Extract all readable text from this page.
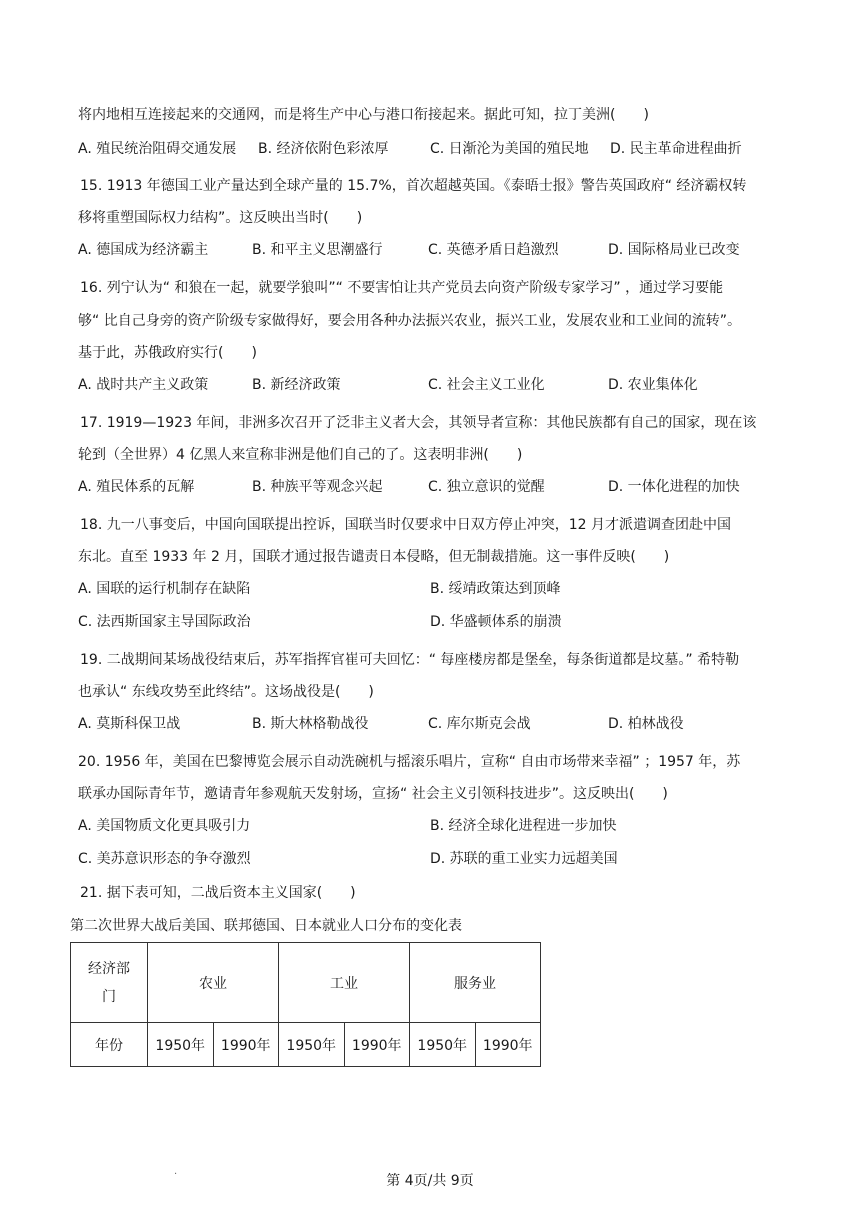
将内地相互连接起来的交通网，而是将生产中心与港口衔接起来。据此可知，拉丁美洲(　　)
A. 殖民统治阻碍交通发展 B. 经济依附色彩浓厚	C. 日渐沦为美国的殖民地 D. 民主革命进程曲折
15. 1913 年德国工业产量达到全球产量的 15.7%，首次超越英国。《泰晤士报》警告英国政府“ 经济霸权转
移将重塑国际权力结构”。这反映出当时(　　)
A. 德国成为经济霸主	B. 和平主义思潮盛行	C. 英德矛盾日趋激烈	D. 国际格局业已改变
16. 列宁认为“ 和狼在一起，就要学狼叫”“ 不要害怕让共产党员去向资产阶级专家学习” ，通过学习要能
够“ 比自己身旁的资产阶级专家做得好，要会用各种办法振兴农业，振兴工业，发展农业和工业间的流转”。
基于此，苏俄政府实行(　　)
A. 战时共产主义政策	B. 新经济政策	C. 社会主义工业化	D. 农业集体化
17. 1919—1923 年间，非洲多次召开了泛非主义者大会，其领导者宣称：其他民族都有自己的国家，现在该
轮到（全世界）4 亿黑人来宣称非洲是他们自己的了。这表明非洲(　　)
A. 殖民体系的瓦解	B. 种族平等观念兴起	C. 独立意识的觉醒	D. 一体化进程的加快
18. 九一八事变后，中国向国联提出控诉，国联当时仅要求中日双方停止冲突，12 月才派遣调查团赴中国
东北。直至 1933 年 2 月，国联才通过报告谴责日本侵略，但无制裁措施。这一事件反映(　　)
A. 国联的运行机制存在缺陷	B. 绥靖政策达到顶峰
C. 法西斯国家主导国际政治	D. 华盛顿体系的崩溃
19. 二战期间某场战役结束后，苏军指挥官崔可夫回忆：“ 每座楼房都是堡垒，每条街道都是坟墓。” 希特勒
也承认“ 东线攻势至此终结”。这场战役是(　　)
A. 莫斯科保卫战	B. 斯大林格勒战役	C. 库尔斯克会战	D. 柏林战役
20. 1956 年，美国在巴黎博览会展示自动洗碗机与摇滚乐唱片，宣称“ 自由市场带来幸福” ；1957 年，苏
联承办国际青年节，邀请青年参观航天发射场，宣扬“ 社会主义引领科技进步”。这反映出(　　)
A. 美国物质文化更具吸引力	B. 经济全球化进程进一步加快
C. 美苏意识形态的争夺激烈	D. 苏联的重工业实力远超美国
21. 据下表可知，二战后资本主义国家(　　)
第二次世界大战后美国、联邦德国、日本就业人口分布的变化表
经济部门	农业		工业		服务业	
年份	1950年	1990年	1950年	1990年	1950年	1990年
.
第 4页/共 9页
